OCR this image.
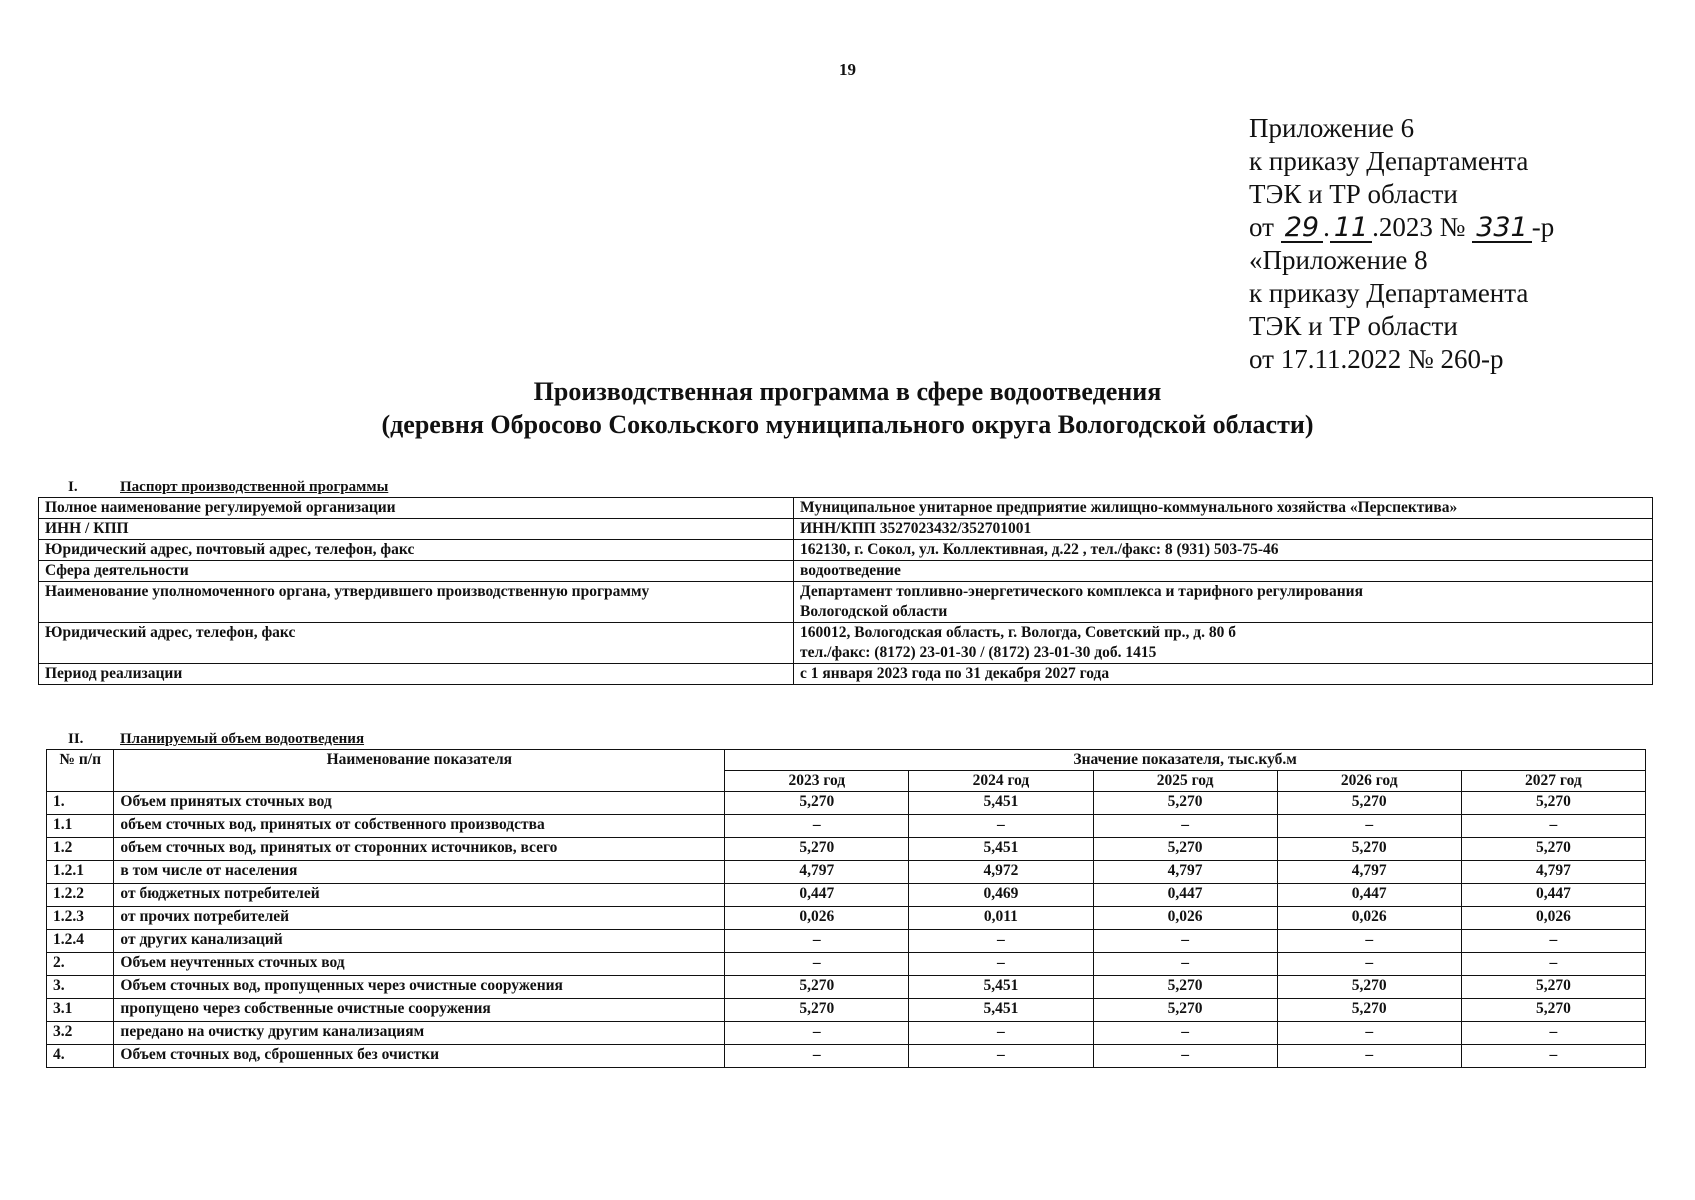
19
Приложение 6
к приказу Департамента
ТЭК и ТР области
от 29 . 11 .2023 № 331 -р
«Приложение 8
к приказу Департамента
ТЭК и ТР области
от 17.11.2022 № 260-р
Производственная программа в сфере водоотведения
(деревня Обросово Сокольского муниципального округа Вологодской области)
I.	Паспорт производственной программы
Полное наименование регулируемой организации	Муниципальное унитарное предприятие жилищно-коммунального хозяйства «Перспектива»

ИНН / КПП	ИНН/КПП 3527023432/352701001

Юридический адрес, почтовый адрес, телефон, факс	162130, г. Сокол, ул. Коллективная, д.22 , тел./факс: 8 (931) 503-75-46

Сфера деятельности	водоотведение

Наименование уполномоченного органа, утвердившего производственную программу	Департамент топливно-энергетического комплекса и тарифного регулирования
Вологодской области

Юридический адрес, телефон, факс	160012, Вологодская область, г. Вологда, Советский пр., д. 80 б
тел./факс: (8172) 23-01-30 / (8172) 23-01-30 доб. 1415

Период реализации	с 1 января 2023 года по 31 декабря 2027 года
II. Планируемый объем водоотведения
№ п/п	Наименование показателя	Значение показателя, тыс.куб.м				
		2023 год	2024 год	2025 год	2026 год	2027 год
1.	Объем принятых сточных вод	5,270	5,451	5,270	5,270	5,270
1.1	объем сточных вод, принятых от собственного производства	–	–	–	–	–
1.2	объем сточных вод, принятых от сторонних источников, всего	5,270	5,451	5,270	5,270	5,270
1.2.1	в том числе от населения	4,797	4,972	4,797	4,797	4,797
1.2.2	от бюджетных потребителей	0,447	0,469	0,447	0,447	0,447
1.2.3	от прочих потребителей	0,026	0,011	0,026	0,026	0,026
1.2.4	от других канализаций	–	–	–	–	–
2.	Объем неучтенных сточных вод	–	–	–	–	–
3.	Объем сточных вод, пропущенных через очистные сооружения	5,270	5,451	5,270	5,270	5,270
3.1	пропущено через собственные очистные сооружения	5,270	5,451	5,270	5,270	5,270
3.2	передано на очистку другим канализациям	–	–	–	–	–
4.	Объем сточных вод, сброшенных без очистки	–	–	–	–	–
